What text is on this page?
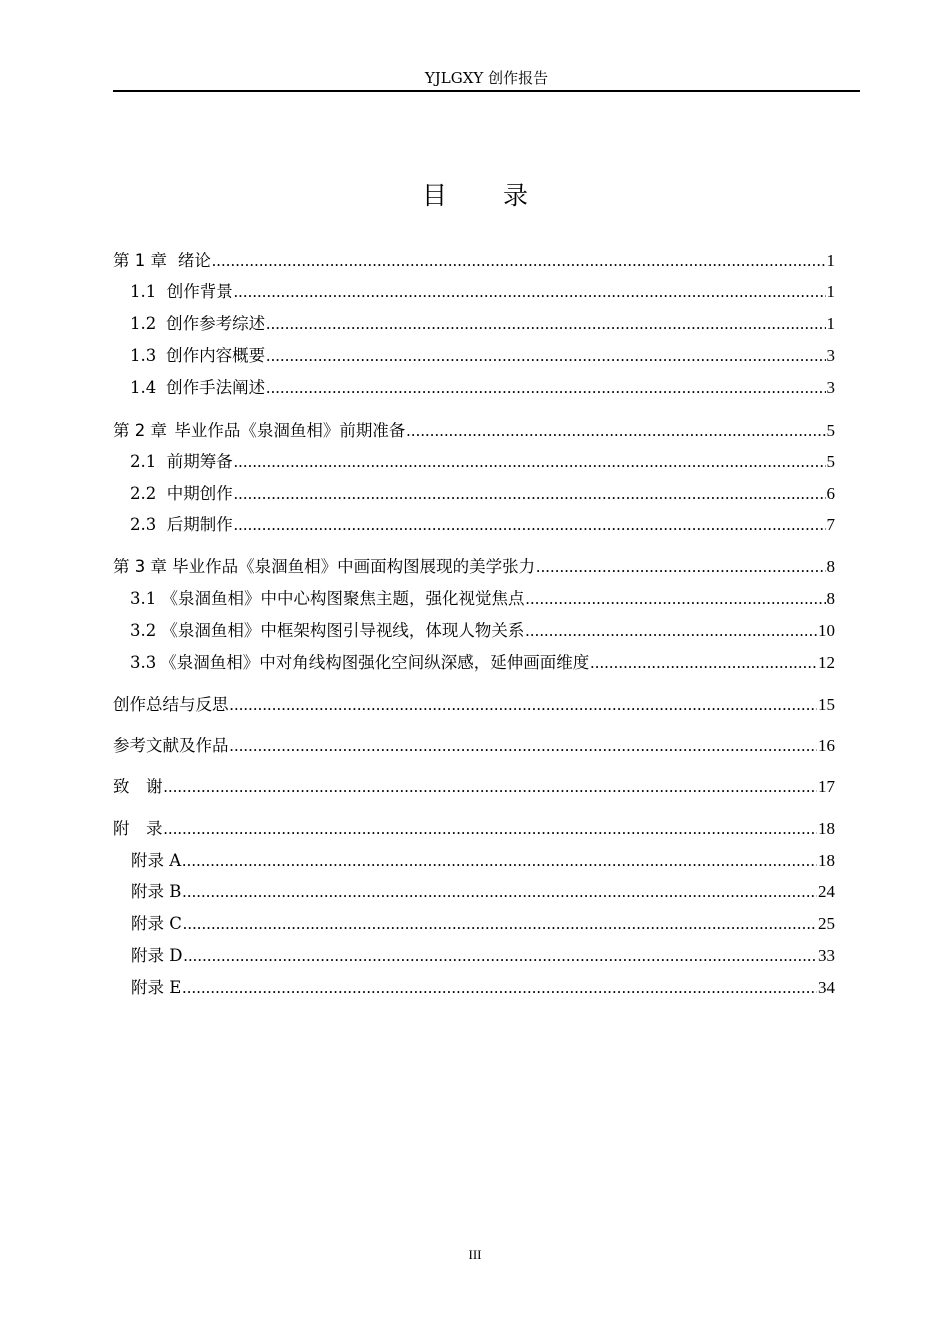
YJLGXY 创作报告
目 录
第 1 章 绪论 .....	1
1.1 创作背景 .....	1
1.2 创作参考综述 .....	1
1.3 创作内容概要 .....	3
1.4 创作手法阐述 .....	3
第 2 章 毕业作品《泉涸鱼相》前期准备 .....	5
2.1 前期筹备 .....	5
2.2 中期创作 .....	6
2.3 后期制作 .....	7
第 3 章 毕业作品《泉涸鱼相》中画面构图展现的美学张力 .....	8
3.1 《泉涸鱼相》中中心构图聚焦主题，强化视觉焦点 .....	8
3.2 《泉涸鱼相》中框架构图引导视线，体现人物关系 .....	10
3.3 《泉涸鱼相》中对角线构图强化空间纵深感，延伸画面维度 .....	12
创作总结与反思 .....	15
参考文献及作品 .....	16
致　谢 .....	17
附　录 .....	18
附录 A .....	18
附录 B .....	24
附录 C .....	25
附录 D .....	33
附录 E .....	34
III
